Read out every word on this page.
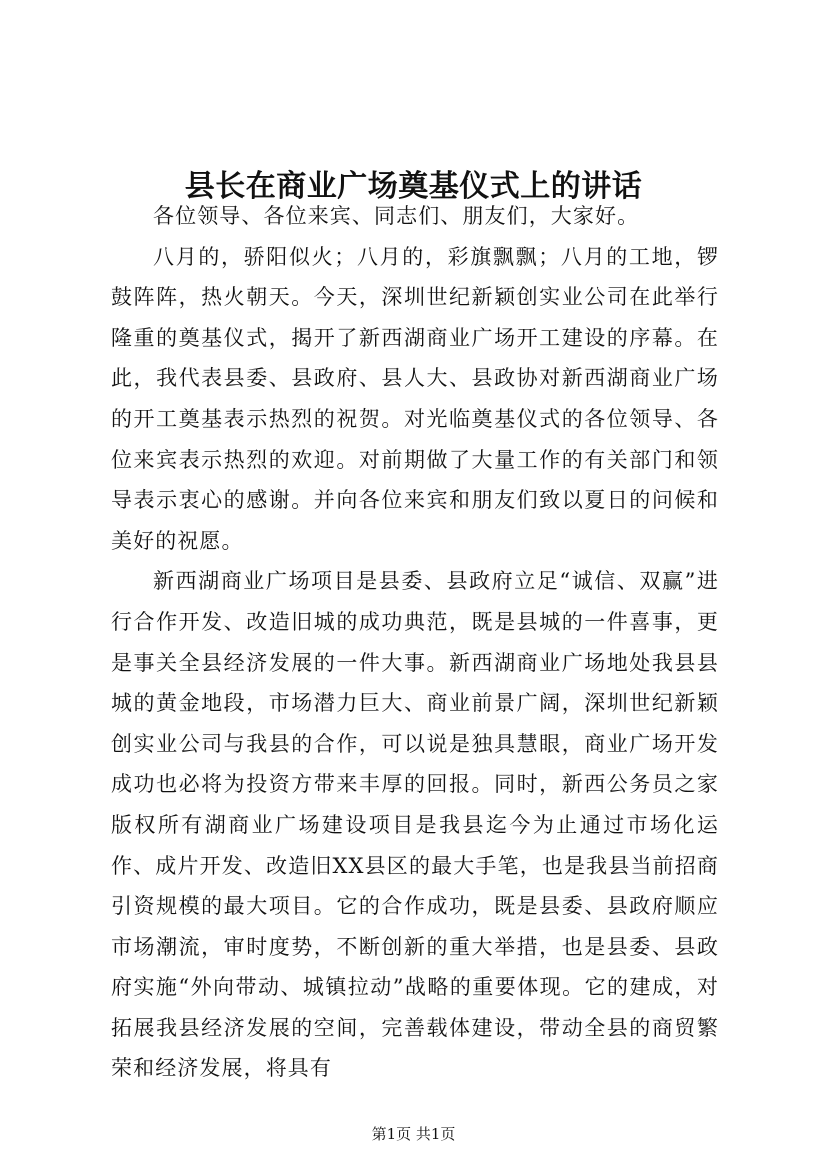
县长在商业广场奠基仪式上的讲话

各位领导、各位来宾、同志们、朋友们，大家好。

八月的，骄阳似火；八月的，彩旗飘飘；八月的工地，锣鼓阵阵，热火朝天。今天，深圳世纪新颖创实业公司在此举行隆重的奠基仪式，揭开了新西湖商业广场开工建设的序幕。在此，我代表县委、县政府、县人大、县政协对新西湖商业广场的开工奠基表示热烈的祝贺。对光临奠基仪式的各位领导、各位来宾表示热烈的欢迎。对前期做了大量工作的有关部门和领导表示衷心的感谢。并向各位来宾和朋友们致以夏日的问候和美好的祝愿。

新西湖商业广场项目是县委、县政府立足“诚信、双赢”进行合作开发、改造旧城的成功典范，既是县城的一件喜事，更是事关全县经济发展的一件大事。新西湖商业广场地处我县县城的黄金地段，市场潜力巨大、商业前景广阔，深圳世纪新颖创实业公司与我县的合作，可以说是独具慧眼，商业广场开发成功也必将为投资方带来丰厚的回报。同时，新西公务员之家版权所有湖商业广场建设项目是我县迄今为止通过市场化运作、成片开发、改造旧XX县区的最大手笔，也是我县当前招商引资规模的最大项目。它的合作成功，既是县委、县政府顺应市场潮流，审时度势，不断创新的重大举措，也是县委、县政府实施“外向带动、城镇拉动”战略的重要体现。它的建成，对拓展我县经济发展的空间，完善载体建设，带动全县的商贸繁荣和经济发展，将具有

第1页 共1页
